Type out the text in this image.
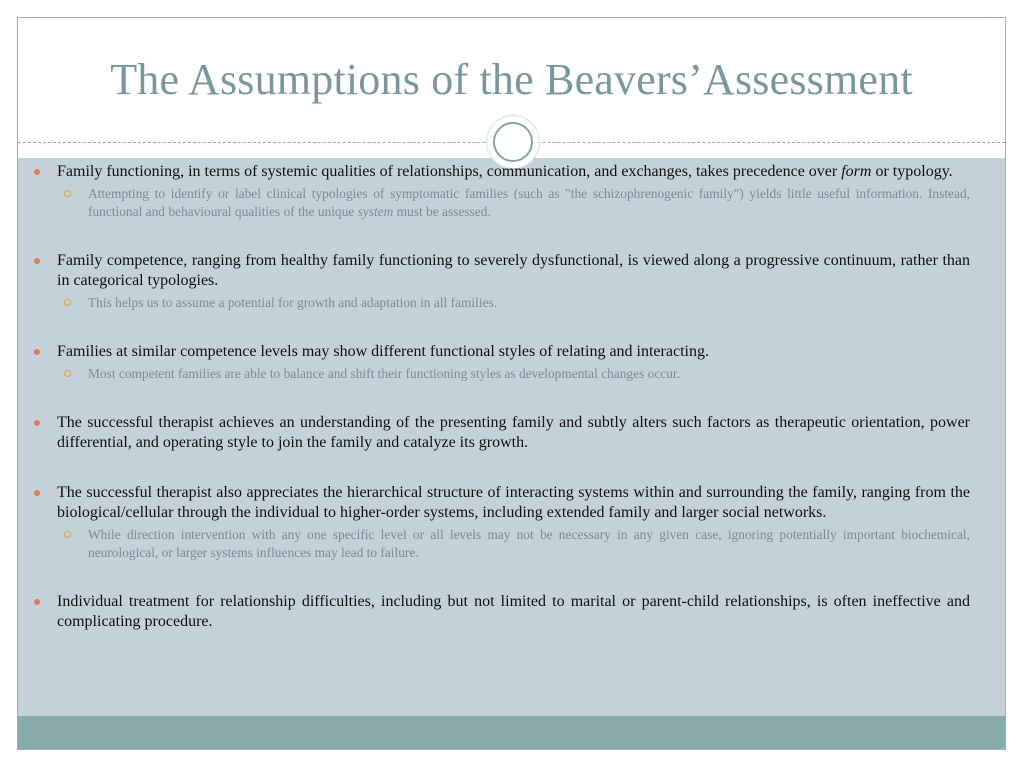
The Assumptions of the Beavers’Assessment
Family functioning, in terms of systemic qualities of relationships, communication, and exchanges, takes precedence over form or typology.
Attempting to identify or label clinical typologies of symptomatic families (such as "the schizophrenogenic family") yields little useful information. Instead, functional and behavioural qualities of the unique system must be assessed.
Family competence, ranging from healthy family functioning to severely dysfunctional, is viewed along a progressive continuum, rather than in categorical typologies.
This helps us to assume a potential for growth and adaptation in all families.
Families at similar competence levels may show different functional styles of relating and interacting.
Most competent families are able to balance and shift their functioning styles as developmental changes occur.
The successful therapist achieves an understanding of the presenting family and subtly alters such factors as therapeutic orientation, power differential, and operating style to join the family and catalyze its growth.
The successful therapist also appreciates the hierarchical structure of interacting systems within and surrounding the family, ranging from the biological/cellular through the individual to higher-order systems, including extended family and larger social networks.
While direction intervention with any one specific level or all levels may not be necessary in any given case, ignoring potentially important biochemical, neurological, or larger systems influences may lead to failure.
Individual treatment for relationship difficulties, including but not limited to marital or parent-child relationships, is often ineffective and complicating procedure.
